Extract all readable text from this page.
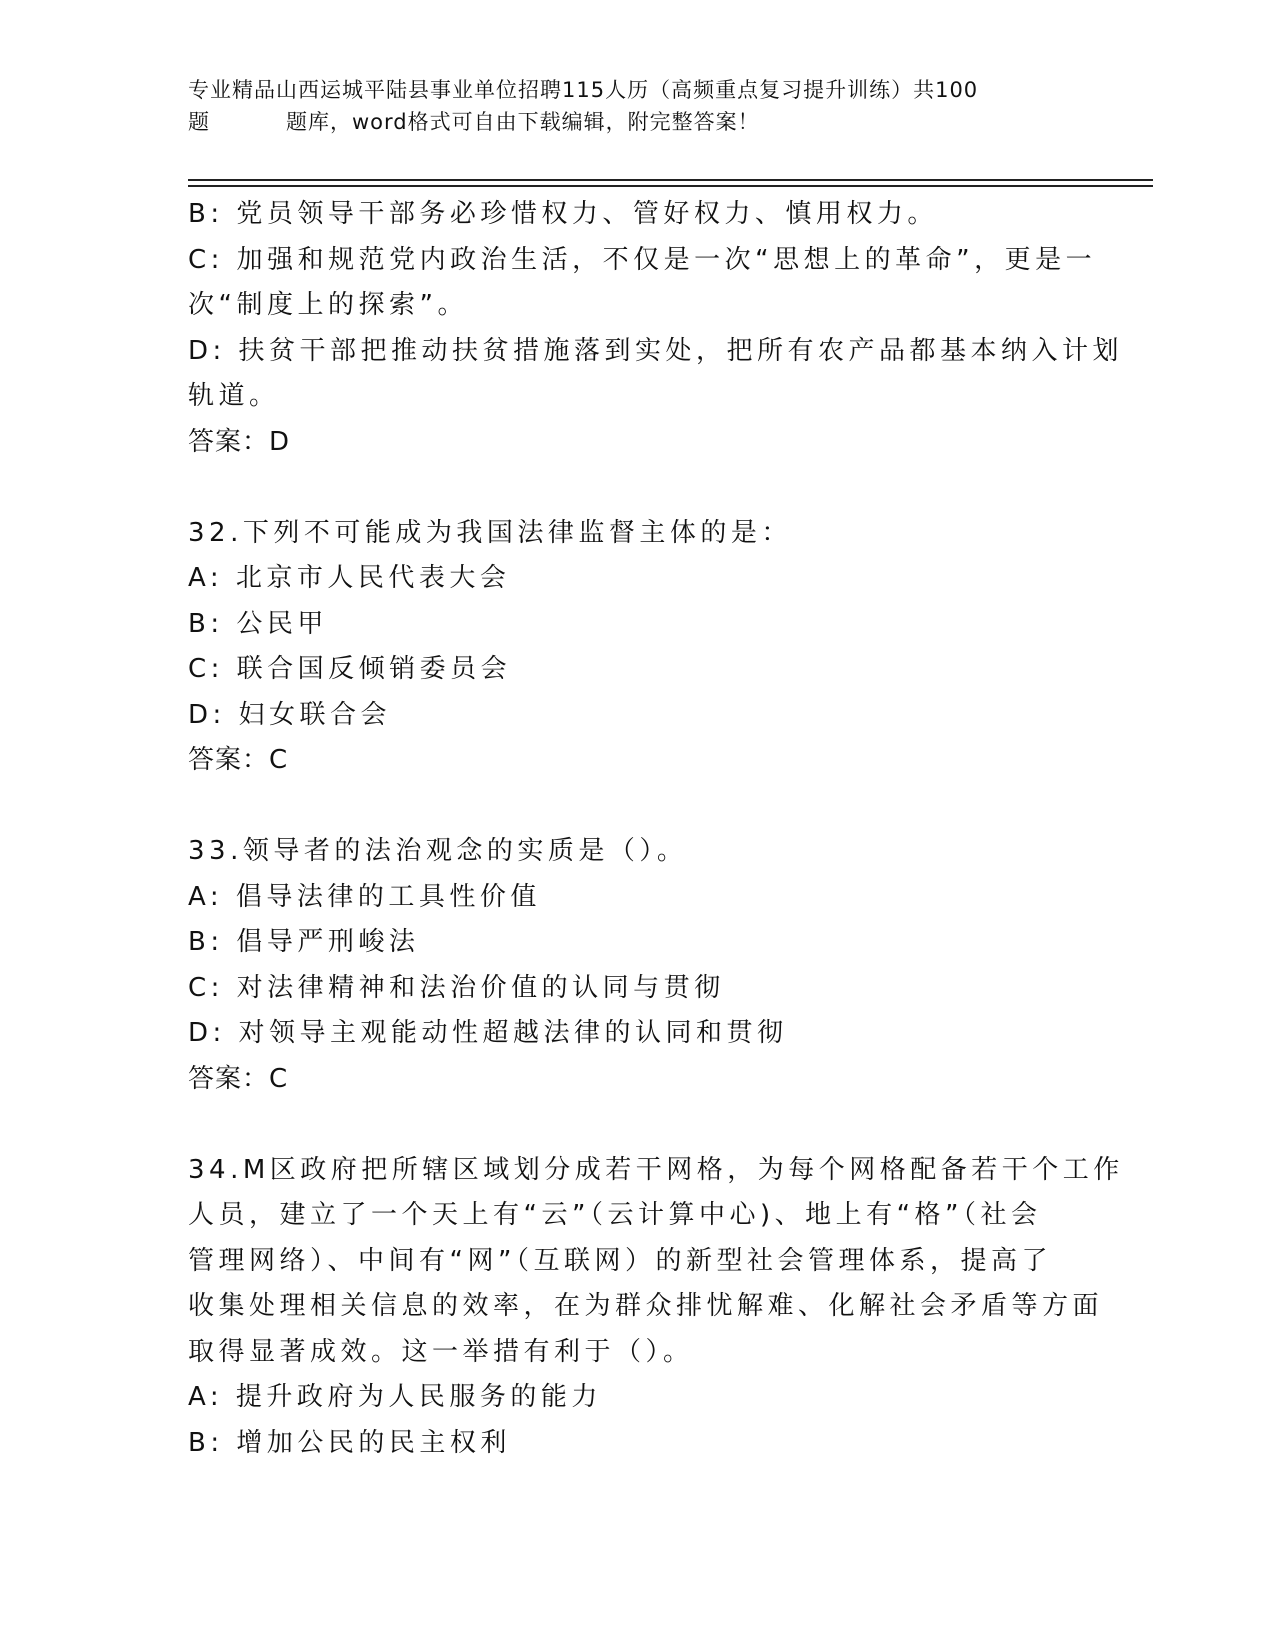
专业精品山西运城平陆县事业单位招聘115人历（高频重点复习提升训练）共100
题	题库，word格式可自由下载编辑，附完整答案！
B: 党员领导干部务必珍惜权力、管好权力、慎用权力。
C: 加强和规范党内政治生活，不仅是一次“思想上的革命”，更是一
次“制度上的探索”。
D: 扶贫干部把推动扶贫措施落到实处，把所有农产品都基本纳入计划
轨道。
答案：D
32.下列不可能成为我国法律监督主体的是：
A: 北京市人民代表大会
B: 公民甲
C: 联合国反倾销委员会
D: 妇女联合会
答案：C
33.领导者的法治观念的实质是（）。
A: 倡导法律的工具性价值
B: 倡导严刑峻法
C: 对法律精神和法治价值的认同与贯彻
D: 对领导主观能动性超越法律的认同和贯彻
答案：C
34.M区政府把所辖区域划分成若干网格，为每个网格配备若干个工作
人员，建立了一个天上有“云”（云计算中心)、地上有“格”（社会
管理网络）、中间有“网”（互联网）的新型社会管理体系，提高了
收集处理相关信息的效率，在为群众排忧解难、化解社会矛盾等方面
取得显著成效。这一举措有利于（）。
A: 提升政府为人民服务的能力
B: 增加公民的民主权利
